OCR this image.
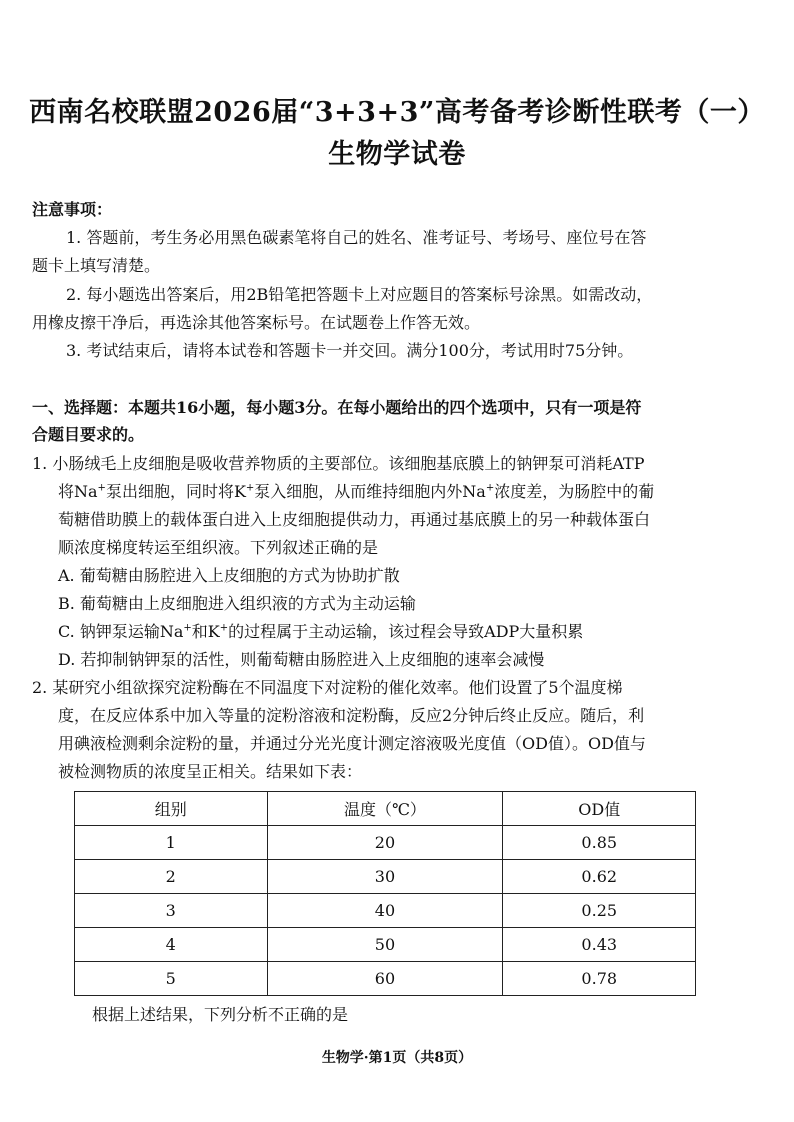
西南名校联盟2026届“3+3+3”高考备考诊断性联考（一）
生物学试卷
注意事项：
1. 答题前，考生务必用黑色碳素笔将自己的姓名、准考证号、考场号、座位号在答
题卡上填写清楚。
2. 每小题选出答案后，用2B铅笔把答题卡上对应题目的答案标号涂黑。如需改动，
用橡皮擦干净后，再选涂其他答案标号。在试题卷上作答无效。
3. 考试结束后，请将本试卷和答题卡一并交回。满分100分，考试用时75分钟。
一、选择题：本题共16小题，每小题3分。在每小题给出的四个选项中，只有一项是符
合题目要求的。
1. 小肠绒毛上皮细胞是吸收营养物质的主要部位。该细胞基底膜上的钠钾泵可消耗ATP
将Na+泵出细胞，同时将K+泵入细胞，从而维持细胞内外Na+浓度差，为肠腔中的葡
萄糖借助膜上的载体蛋白进入上皮细胞提供动力，再通过基底膜上的另一种载体蛋白
顺浓度梯度转运至组织液。下列叙述正确的是
A. 葡萄糖由肠腔进入上皮细胞的方式为协助扩散
B. 葡萄糖由上皮细胞进入组织液的方式为主动运输
C. 钠钾泵运输Na+和K+的过程属于主动运输，该过程会导致ADP大量积累
D. 若抑制钠钾泵的活性，则葡萄糖由肠腔进入上皮细胞的速率会减慢
2. 某研究小组欲探究淀粉酶在不同温度下对淀粉的催化效率。他们设置了5个温度梯
度，在反应体系中加入等量的淀粉溶液和淀粉酶，反应2分钟后终止反应。随后，利
用碘液检测剩余淀粉的量，并通过分光光度计测定溶液吸光度值（OD值）。OD值与
被检测物质的浓度呈正相关。结果如下表：
组别	温度（℃）	OD值
1	20	0.85
2	30	0.62
3	40	0.25
4	50	0.43
5	60	0.78
根据上述结果，下列分析不正确的是
生物学·第1页（共8页）
